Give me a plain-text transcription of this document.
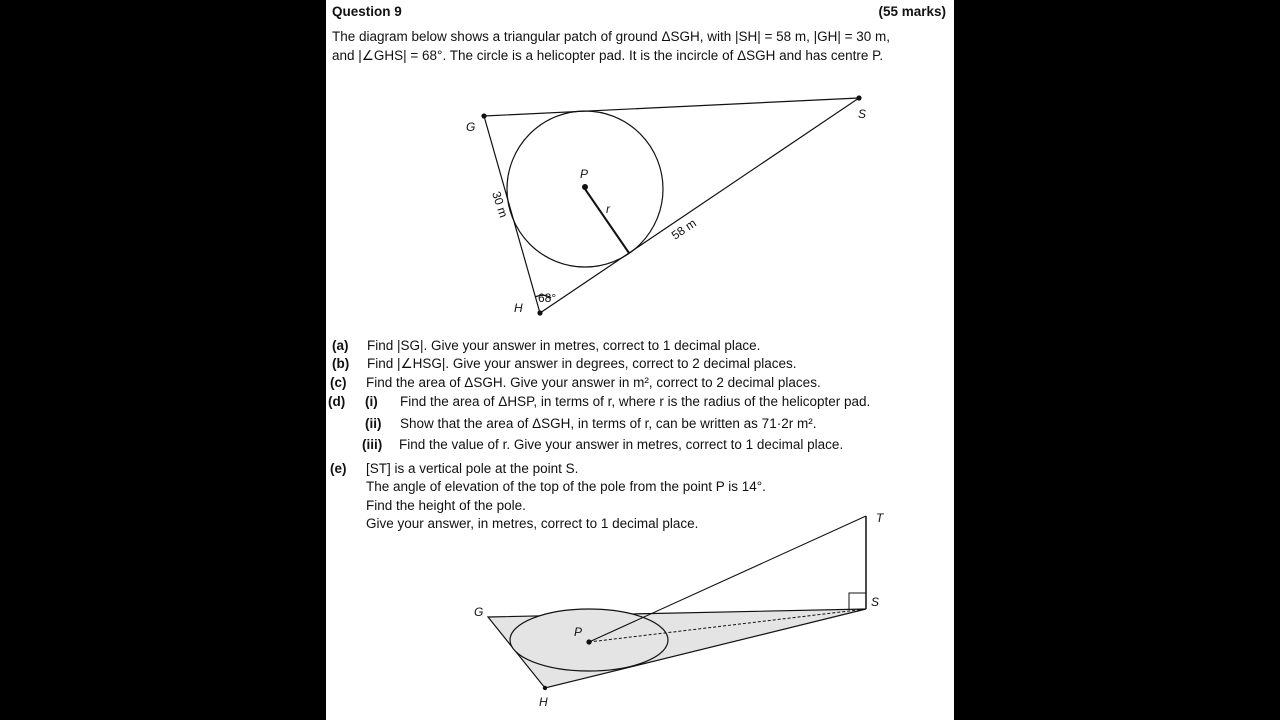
Question 9	(55 marks)
The diagram below shows a triangular patch of ground ΔSGH, with |SH| = 58 m, |GH| = 30 m,
and |∠GHS| = 68°. The circle is a helicopter pad. It is the incircle of ΔSGH and has centre P.
G
S
H
P
r
30 m
58 m
68°
(a) Find |SG|. Give your answer in metres, correct to 1 decimal place.
(b) Find |∠HSG|. Give your answer in degrees, correct to 2 decimal places.
(c) Find the area of ΔSGH. Give your answer in m², correct to 2 decimal places.
(d) (i) Find the area of ΔHSP, in terms of r, where r is the radius of the helicopter pad.
(ii) Show that the area of ΔSGH, in terms of r, can be written as 71·2r m².
(iii) Find the value of r. Give your answer in metres, correct to 1 decimal place.
(e) [ST] is a vertical pole at the point S.
The angle of elevation of the top of the pole from the point P is 14°.
Find the height of the pole.
Give your answer, in metres, correct to 1 decimal place.
G
S
H
P
T
